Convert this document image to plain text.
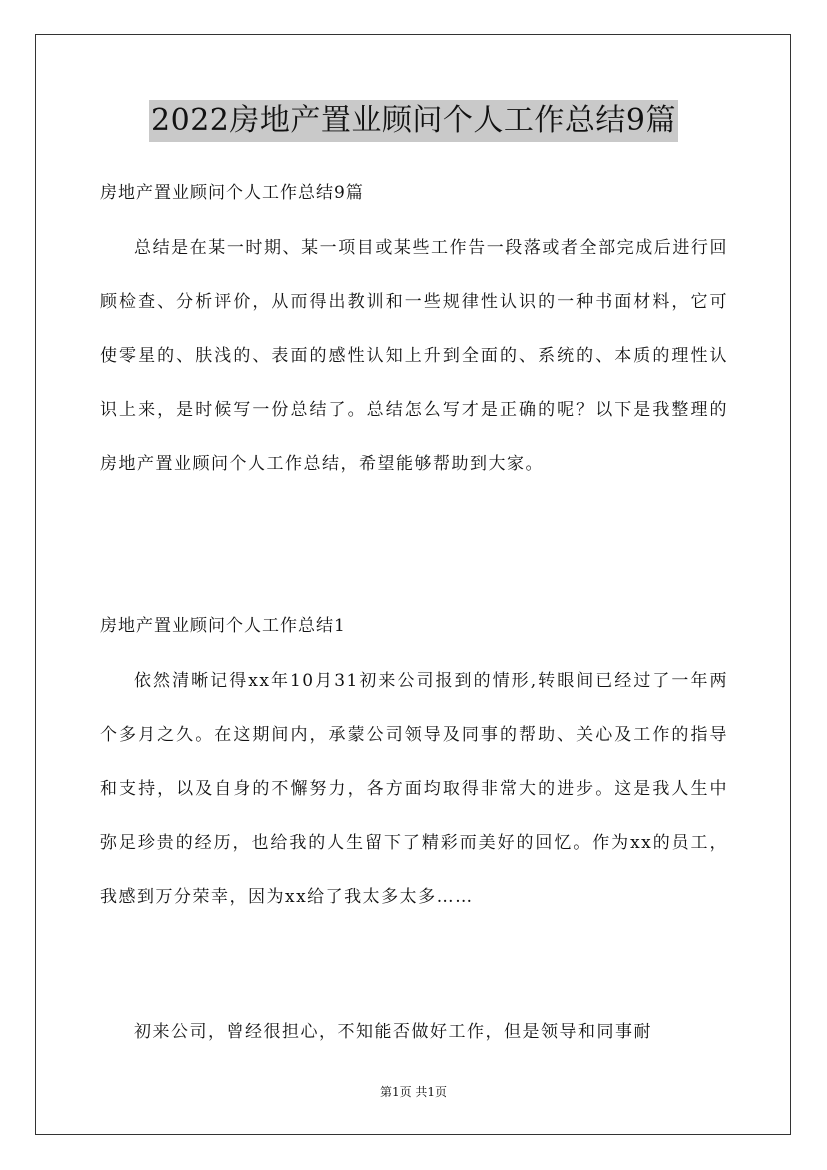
2022房地产置业顾问个人工作总结9篇
房地产置业顾问个人工作总结9篇

总结是在某一时期、某一项目或某些工作告一段落或者全部完成后进行回顾检查、分析评价，从而得出教训和一些规律性认识的一种书面材料，它可使零星的、肤浅的、表面的感性认知上升到全面的、系统的、本质的理性认识上来，是时候写一份总结了。总结怎么写才是正确的呢？以下是我整理的房地产置业顾问个人工作总结，希望能够帮助到大家。

房地产置业顾问个人工作总结1

依然清晰记得xx年10月31初来公司报到的情形,转眼间已经过了一年两个多月之久。在这期间内，承蒙公司领导及同事的帮助、关心及工作的指导和支持，以及自身的不懈努力，各方面均取得非常大的进步。这是我人生中弥足珍贵的经历，也给我的人生留下了精彩而美好的回忆。作为xx的员工，我感到万分荣幸，因为xx给了我太多太多……

初来公司，曾经很担心，不知能否做好工作，但是领导和同事耐

第1页 共1页
